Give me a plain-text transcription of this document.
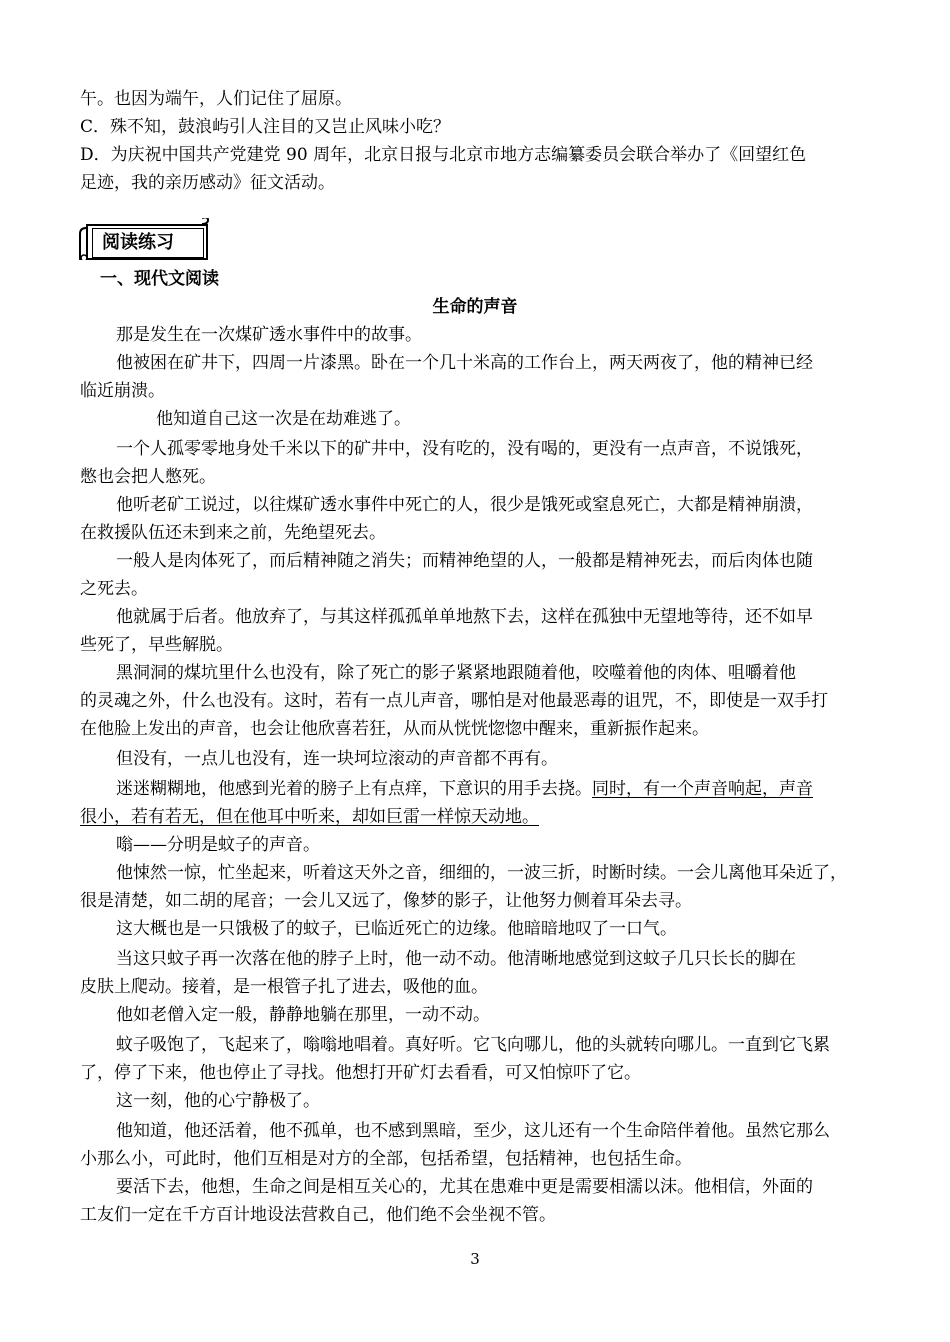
午。也因为端午，人们记住了屈原。
C．殊不知，鼓浪屿引人注目的又岂止风味小吃？
D．为庆祝中国共产党建党 90 周年，北京日报与北京市地方志编纂委员会联合举办了《回望红色
足迹，我的亲历感动》征文活动。
阅读练习
一、现代文阅读
生命的声音
那是发生在一次煤矿透水事件中的故事。
他被困在矿井下，四周一片漆黑。卧在一个几十米高的工作台上，两天两夜了，他的精神已经
临近崩溃。
他知道自己这一次是在劫难逃了。
一个人孤零零地身处千米以下的矿井中，没有吃的，没有喝的，更没有一点声音，不说饿死，
憋也会把人憋死。
他听老矿工说过，以往煤矿透水事件中死亡的人，很少是饿死或窒息死亡，大都是精神崩溃，
在救援队伍还未到来之前，先绝望死去。
一般人是肉体死了，而后精神随之消失；而精神绝望的人，一般都是精神死去，而后肉体也随
之死去。
他就属于后者。他放弃了，与其这样孤孤单单地熬下去，这样在孤独中无望地等待，还不如早
些死了，早些解脱。
黑洞洞的煤坑里什么也没有，除了死亡的影子紧紧地跟随着他，咬噬着他的肉体、咀嚼着他
的灵魂之外，什么也没有。这时，若有一点儿声音，哪怕是对他最恶毒的诅咒，不，即使是一双手打
在他脸上发出的声音，也会让他欣喜若狂，从而从恍恍惚惚中醒来，重新振作起来。
但没有，一点儿也没有，连一块坷垃滚动的声音都不再有。
迷迷糊糊地，他感到光着的膀子上有点痒，下意识的用手去挠。同时，有一个声音响起，声音
很小，若有若无，但在他耳中听来，却如巨雷一样惊天动地。
嗡——分明是蚊子的声音。
他悚然一惊，忙坐起来，听着这天外之音，细细的，一波三折，时断时续。一会儿离他耳朵近了，
很是清楚，如二胡的尾音；一会儿又远了，像梦的影子，让他努力侧着耳朵去寻。
这大概也是一只饿极了的蚊子，已临近死亡的边缘。他暗暗地叹了一口气。
当这只蚊子再一次落在他的脖子上时，他一动不动。他清晰地感觉到这蚊子几只长长的脚在
皮肤上爬动。接着，是一根管子扎了进去，吸他的血。
他如老僧入定一般，静静地躺在那里，一动不动。
蚊子吸饱了，飞起来了，嗡嗡地唱着。真好听。它飞向哪儿，他的头就转向哪儿。一直到它飞累
了，停了下来，他也停止了寻找。他想打开矿灯去看看，可又怕惊吓了它。
这一刻，他的心宁静极了。
他知道，他还活着，他不孤单，也不感到黑暗，至少，这儿还有一个生命陪伴着他。虽然它那么
小那么小，可此时，他们互相是对方的全部，包括希望，包括精神，也包括生命。
要活下去，他想，生命之间是相互关心的，尤其在患难中更是需要相濡以沫。他相信，外面的
工友们一定在千方百计地设法营救自己，他们绝不会坐视不管。
3
